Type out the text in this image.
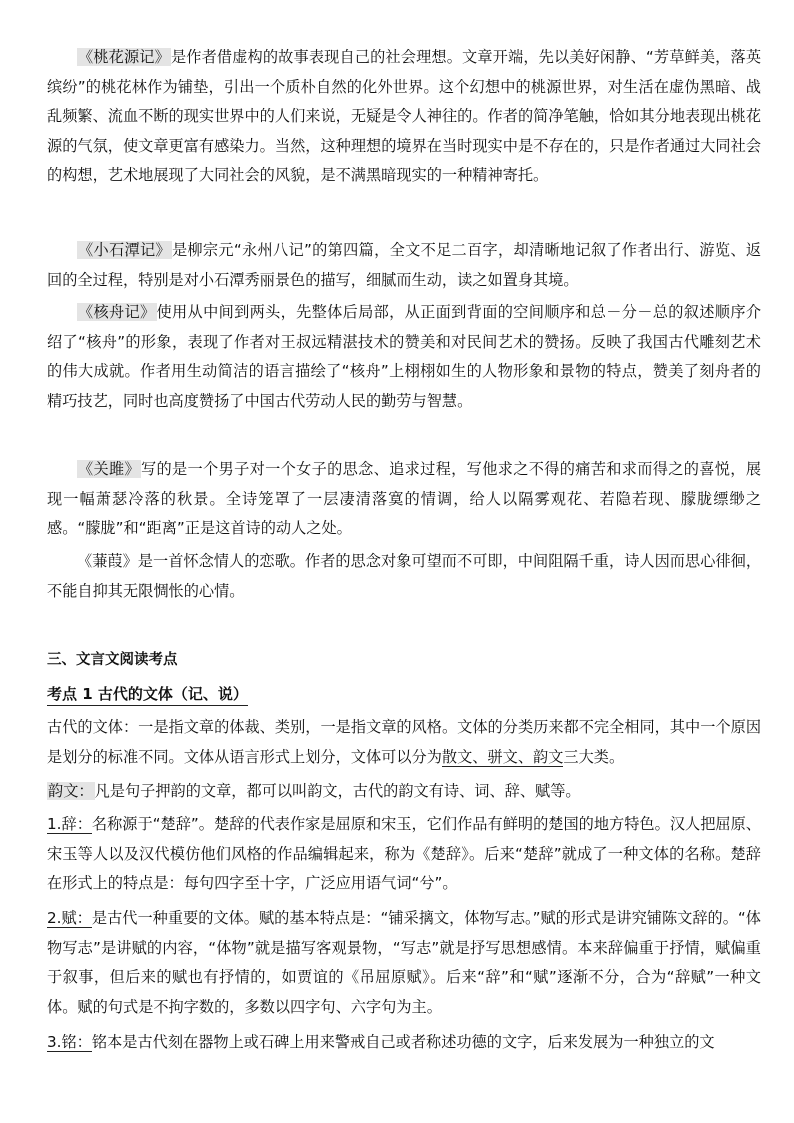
《桃花源记》是作者借虚构的故事表现自己的社会理想。文章开端，先以美好闲静、“芳草鲜美，落英缤纷”的桃花林作为铺垫，引出一个质朴自然的化外世界。这个幻想中的桃源世界，对生活在虚伪黑暗、战乱频繁、流血不断的现实世界中的人们来说，无疑是令人神往的。作者的简净笔触，恰如其分地表现出桃花源的气氛，使文章更富有感染力。当然，这种理想的境界在当时现实中是不存在的，只是作者通过大同社会的构想，艺术地展现了大同社会的风貌，是不满黑暗现实的一种精神寄托。

《小石潭记》是柳宗元“永州八记”的第四篇，全文不足二百字，却清晰地记叙了作者出行、游览、返回的全过程，特别是对小石潭秀丽景色的描写，细腻而生动，读之如置身其境。

《核舟记》使用从中间到两头，先整体后局部，从正面到背面的空间顺序和总－分－总的叙述顺序介绍了“核舟”的形象，表现了作者对王叔远精湛技术的赞美和对民间艺术的赞扬。反映了我国古代雕刻艺术的伟大成就。作者用生动简洁的语言描绘了“核舟”上栩栩如生的人物形象和景物的特点，赞美了刻舟者的精巧技艺，同时也高度赞扬了中国古代劳动人民的勤劳与智慧。

《关雎》写的是一个男子对一个女子的思念、追求过程，写他求之不得的痛苦和求而得之的喜悦，展现一幅萧瑟冷落的秋景。全诗笼罩了一层凄清落寞的情调，给人以隔雾观花、若隐若现、朦胧缥缈之感。“朦胧”和“距离”正是这首诗的动人之处。

《蒹葭》是一首怀念情人的恋歌。作者的思念对象可望而不可即，中间阻隔千重，诗人因而思心徘徊，不能自抑其无限惆怅的心情。

三、文言文阅读考点

考点 1 古代的文体（记、说）

古代的文体：一是指文章的体裁、类别，一是指文章的风格。文体的分类历来都不完全相同，其中一个原因是划分的标准不同。文体从语言形式上划分，文体可以分为散文、骈文、韵文三大类。

韵文：凡是句子押韵的文章，都可以叫韵文，古代的韵文有诗、词、辞、赋等。

1.辞：名称源于“楚辞”。楚辞的代表作家是屈原和宋玉，它们作品有鲜明的楚国的地方特色。汉人把屈原、宋玉等人以及汉代模仿他们风格的作品编辑起来，称为《楚辞》。后来“楚辞”就成了一种文体的名称。楚辞在形式上的特点是：每句四字至十字，广泛应用语气词“兮”。

2.赋：是古代一种重要的文体。赋的基本特点是：“铺采摛文，体物写志。”赋的形式是讲究铺陈文辞的。“体物写志”是讲赋的内容，“体物”就是描写客观景物，“写志”就是抒写思想感情。本来辞偏重于抒情，赋偏重于叙事，但后来的赋也有抒情的，如贾谊的《吊屈原赋》。后来“辞”和“赋”逐渐不分，合为“辞赋”一种文体。赋的句式是不拘字数的，多数以四字句、六字句为主。

3.铭：铭本是古代刻在器物上或石碑上用来警戒自己或者称述功德的文字，后来发展为一种独立的文
